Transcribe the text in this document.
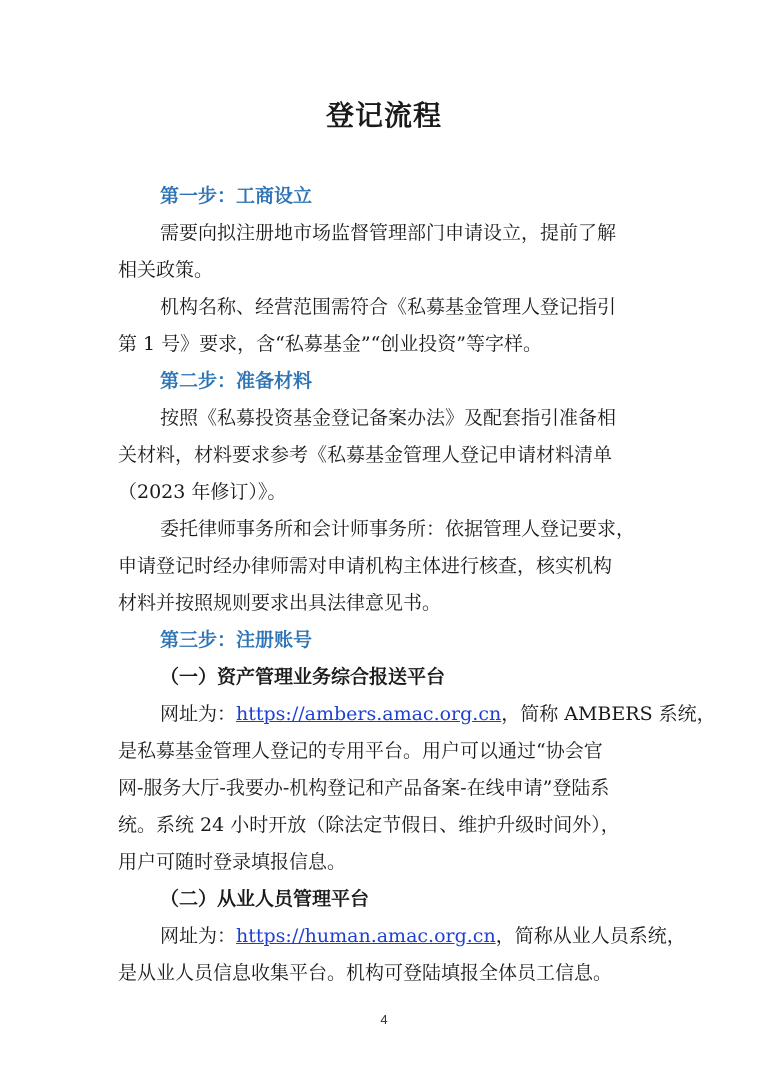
登记流程
第一步：工商设立
需要向拟注册地市场监督管理部门申请设立，提前了解
相关政策。
机构名称、经营范围需符合《私募基金管理人登记指引
第 1 号》要求，含“私募基金”“创业投资”等字样。
第二步：准备材料
按照《私募投资基金登记备案办法》及配套指引准备相
关材料，材料要求参考《私募基金管理人登记申请材料清单
（2023 年修订）》。
委托律师事务所和会计师事务所：依据管理人登记要求，
申请登记时经办律师需对申请机构主体进行核查，核实机构
材料并按照规则要求出具法律意见书。
第三步：注册账号
（一）资产管理业务综合报送平台
网址为：https://ambers.amac.org.cn，简称 AMBERS 系统，
是私募基金管理人登记的专用平台。用户可以通过“协会官
网-服务大厅-我要办-机构登记和产品备案-在线申请”登陆系
统。系统 24 小时开放（除法定节假日、维护升级时间外），
用户可随时登录填报信息。
（二）从业人员管理平台
网址为：https://human.amac.org.cn，简称从业人员系统，
是从业人员信息收集平台。机构可登陆填报全体员工信息。
4
